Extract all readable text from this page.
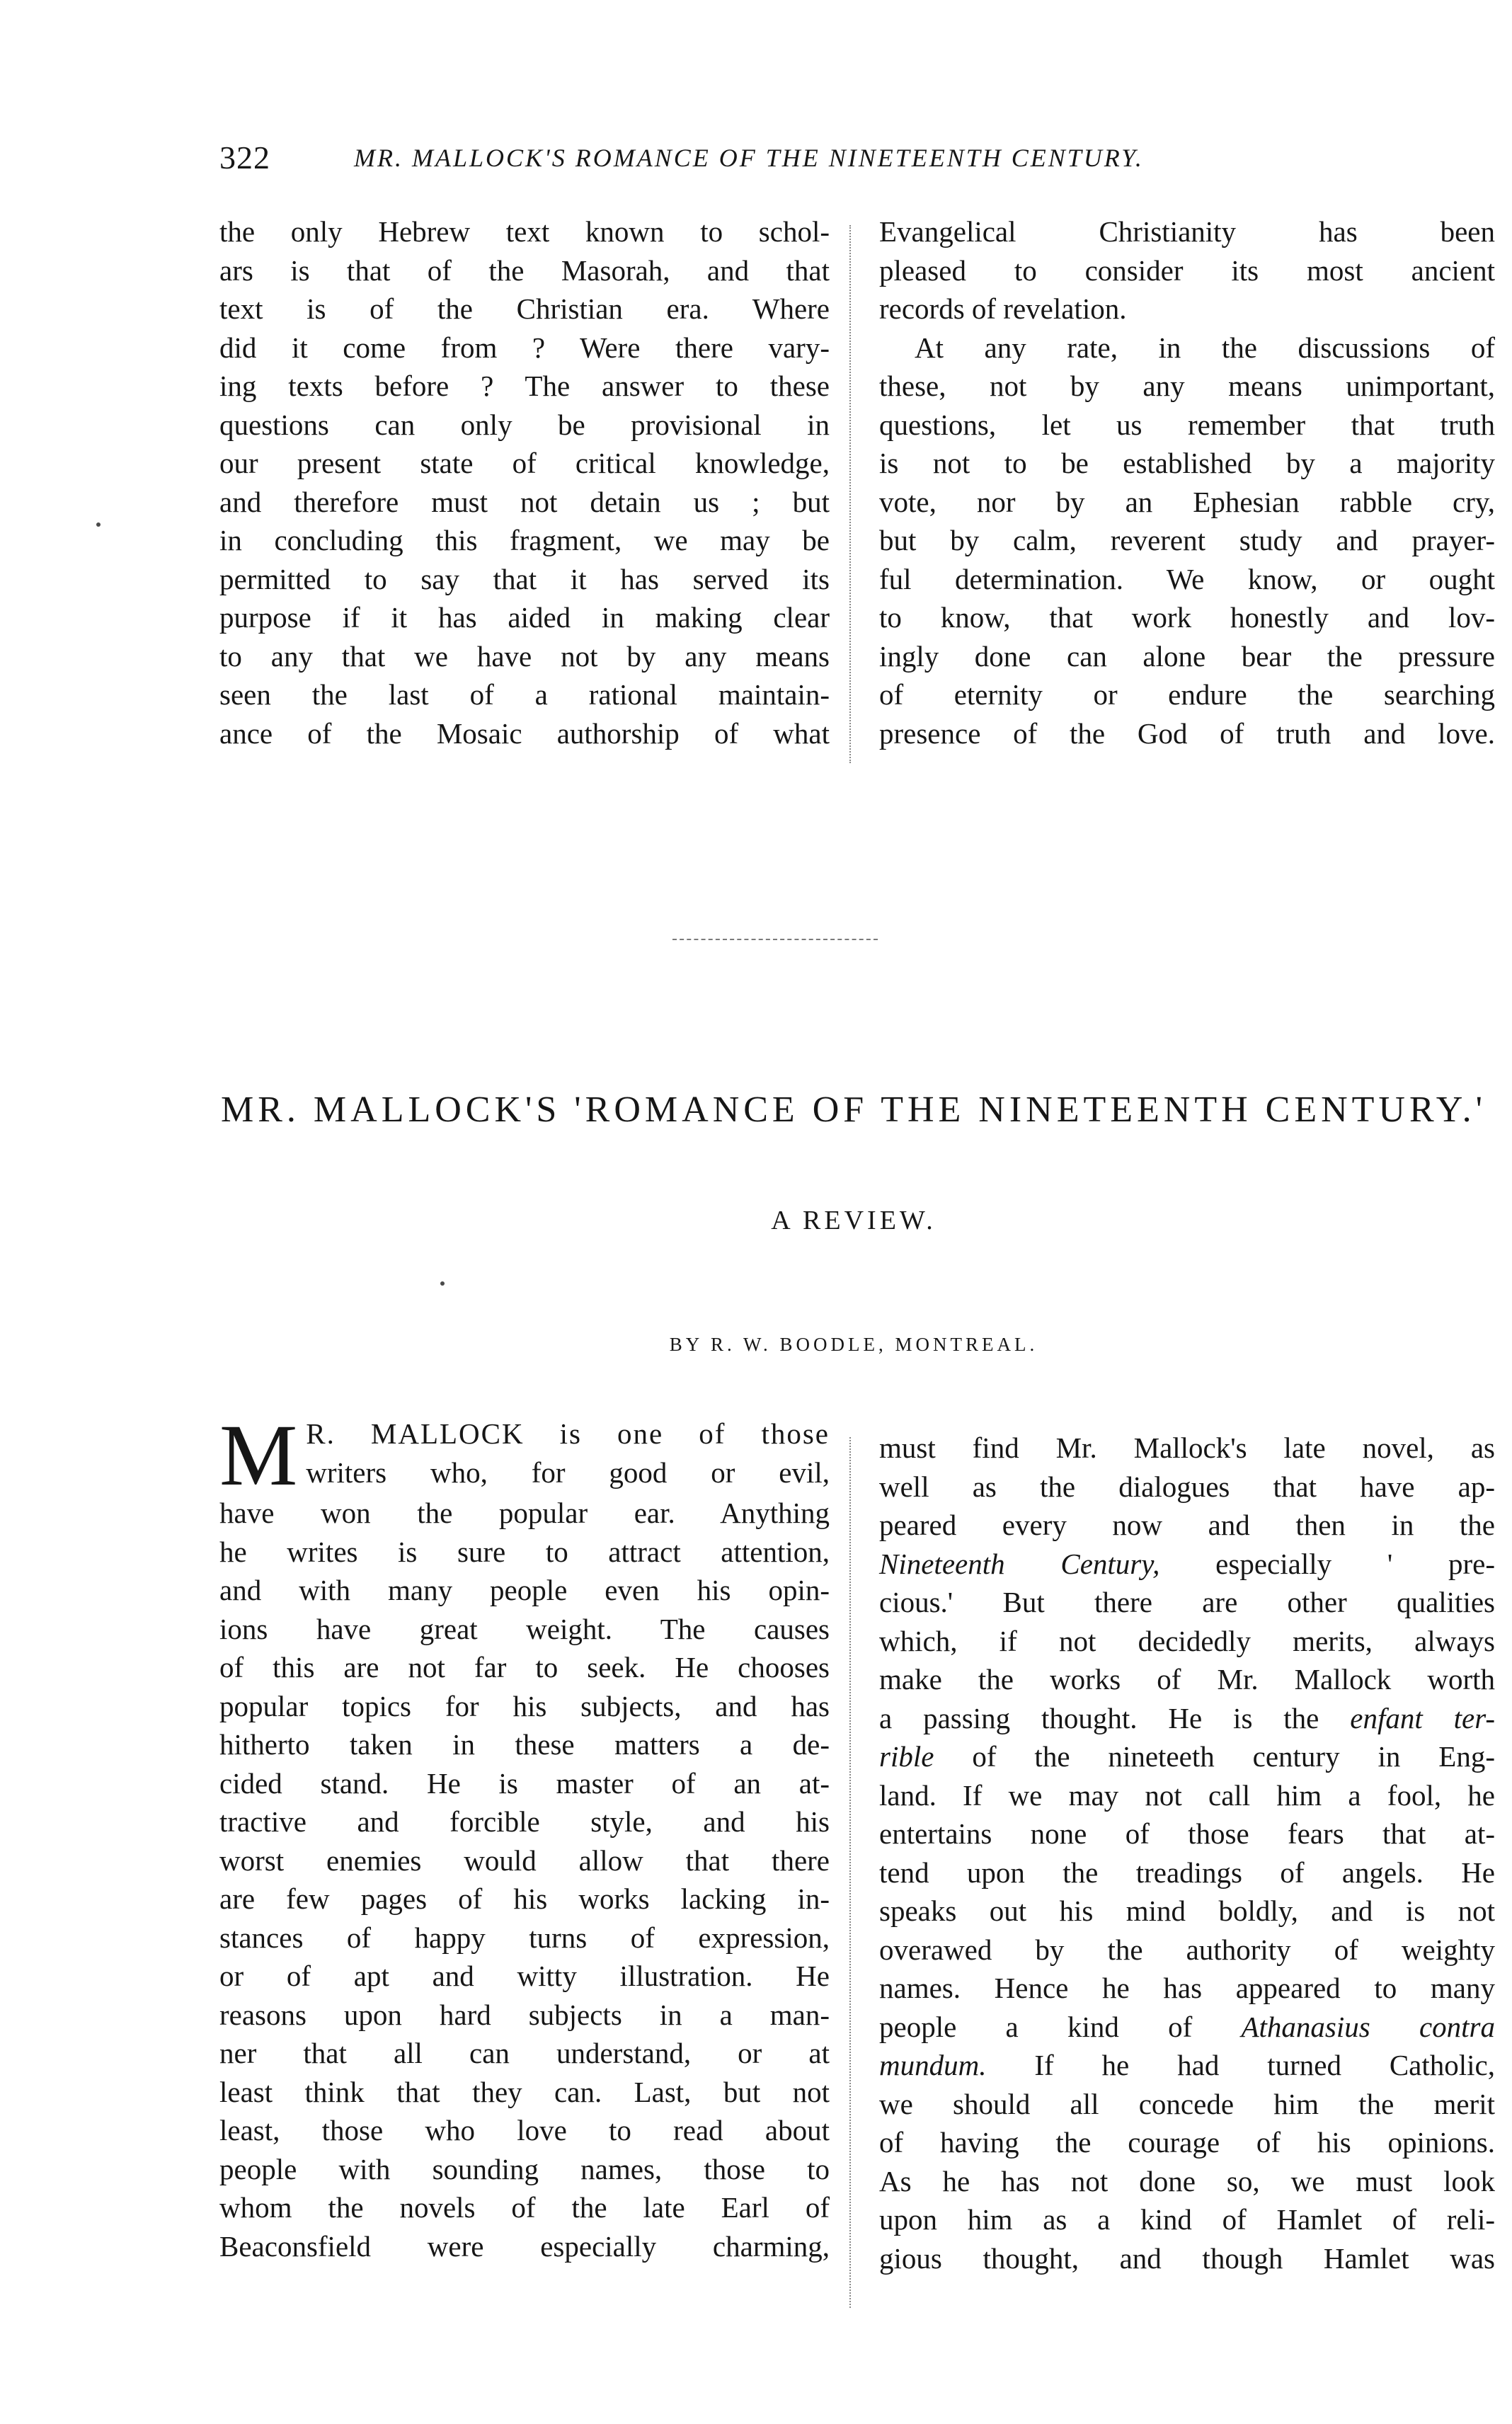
322	MR. MALLOCK'S ROMANCE OF THE NINETEENTH CENTURY.
the only Hebrew text known to schol-
ars is that of the Masorah, and that
text is of the Christian era. Where
did it come from ? Were there vary-
ing texts before ? The answer to these
questions can only be provisional in
our present state of critical knowledge,
and therefore must not detain us ; but
in concluding this fragment, we may be
permitted to say that it has served its
purpose if it has aided in making clear
to any that we have not by any means
seen the last of a rational maintain-
ance of the Mosaic authorship of what
Evangelical Christianity has been
pleased to consider its most ancient
records of revelation.
At any rate, in the discussions of
these, not by any means unimportant,
questions, let us remember that truth
is not to be established by a majority
vote, nor by an Ephesian rabble cry,
but by calm, reverent study and prayer-
ful determination. We know, or ought
to know, that work honestly and lov-
ingly done can alone bear the pressure
of eternity or endure the searching
presence of the God of truth and love.
MR. MALLOCK'S 'ROMANCE OF THE NINETEENTH CENTURY.'
A REVIEW.
BY R. W. BOODLE, MONTREAL.
M R. MALLOCK is one of those
writers who, for good or evil,
have won the popular ear. Anything
he writes is sure to attract attention,
and with many people even his opin-
ions have great weight. The causes
of this are not far to seek. He chooses
popular topics for his subjects, and has
hitherto taken in these matters a de-
cided stand. He is master of an at-
tractive and forcible style, and his
worst enemies would allow that there
are few pages of his works lacking in-
stances of happy turns of expression,
or of apt and witty illustration. He
reasons upon hard subjects in a man-
ner that all can understand, or at
least think that they can. Last, but not
least, those who love to read about
people with sounding names, those to
whom the novels of the late Earl of
Beaconsfield were especially charming,
must find Mr. Mallock's late novel, as
well as the dialogues that have ap-
peared every now and then in the
Nineteenth Century, especially ' pre-
cious.' But there are other qualities
which, if not decidedly merits, always
make the works of Mr. Mallock worth
a passing thought. He is the enfant ter-
rible of the nineteeth century in Eng-
land. If we may not call him a fool, he
entertains none of those fears that at-
tend upon the treadings of angels. He
speaks out his mind boldly, and is not
overawed by the authority of weighty
names. Hence he has appeared to many
people a kind of Athanasius contra
mundum. If he had turned Catholic,
we should all concede him the merit
of having the courage of his opinions.
As he has not done so, we must look
upon him as a kind of Hamlet of reli-
gious thought, and though Hamlet was
